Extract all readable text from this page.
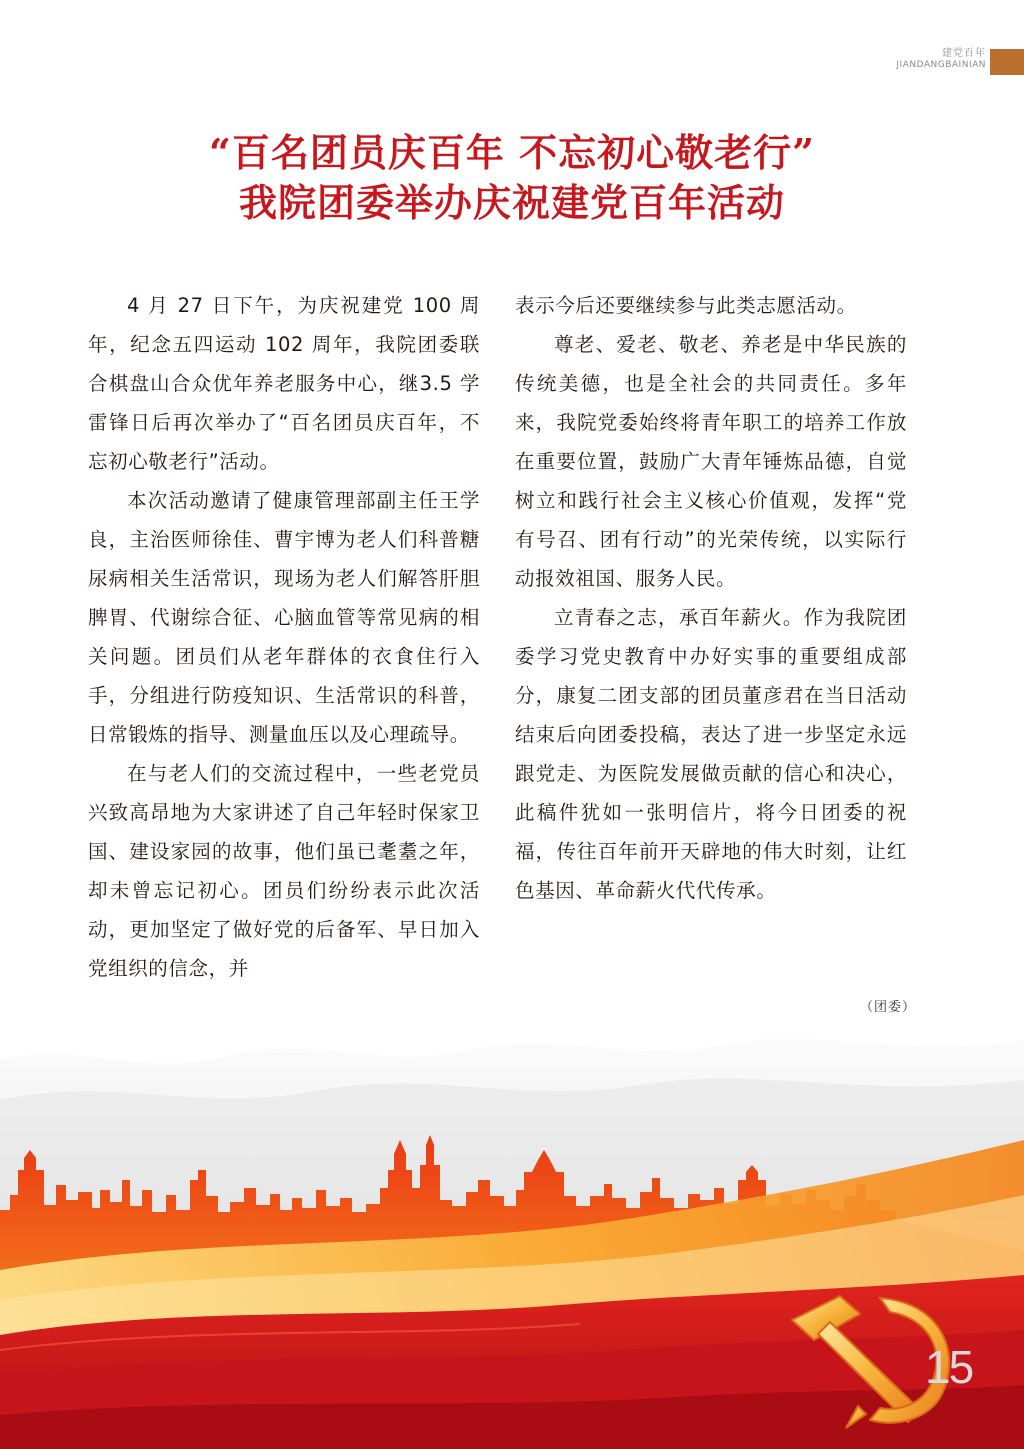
建党百年
JIANDANGBAINIAN
“百名团员庆百年 不忘初心敬老行”
我院团委举办庆祝建党百年活动

4 月 27 日下午，为庆祝建党 100 周年，纪念五四运动 102 周年，我院团委联合棋盘山合众优年养老服务中心，继3.5 学雷锋日后再次举办了“百名团员庆百年，不忘初心敬老行”活动。

本次活动邀请了健康管理部副主任王学良，主治医师徐佳、曹宇博为老人们科普糖尿病相关生活常识，现场为老人们解答肝胆脾胃、代谢综合征、心脑血管等常见病的相关问题。团员们从老年群体的衣食住行入手，分组进行防疫知识、生活常识的科普，日常锻炼的指导、测量血压以及心理疏导。

在与老人们的交流过程中，一些老党员兴致高昂地为大家讲述了自己年轻时保家卫国、建设家园的故事，他们虽已耄耋之年，却未曾忘记初心。团员们纷纷表示此次活动，更加坚定了做好党的后备军、早日加入党组织的信念，并

表示今后还要继续参与此类志愿活动。

尊老、爱老、敬老、养老是中华民族的传统美德，也是全社会的共同责任。多年来，我院党委始终将青年职工的培养工作放在重要位置，鼓励广大青年锤炼品德，自觉树立和践行社会主义核心价值观，发挥“党有号召、团有行动”的光荣传统，以实际行动报效祖国、服务人民。

立青春之志，承百年薪火。作为我院团委学习党史教育中办好实事的重要组成部分，康复二团支部的团员董彦君在当日活动结束后向团委投稿，表达了进一步坚定永远跟党走、为医院发展做贡献的信心和决心，此稿件犹如一张明信片，将今日团委的祝福，传往百年前开天辟地的伟大时刻，让红色基因、革命薪火代代传承。

（团委）
15
